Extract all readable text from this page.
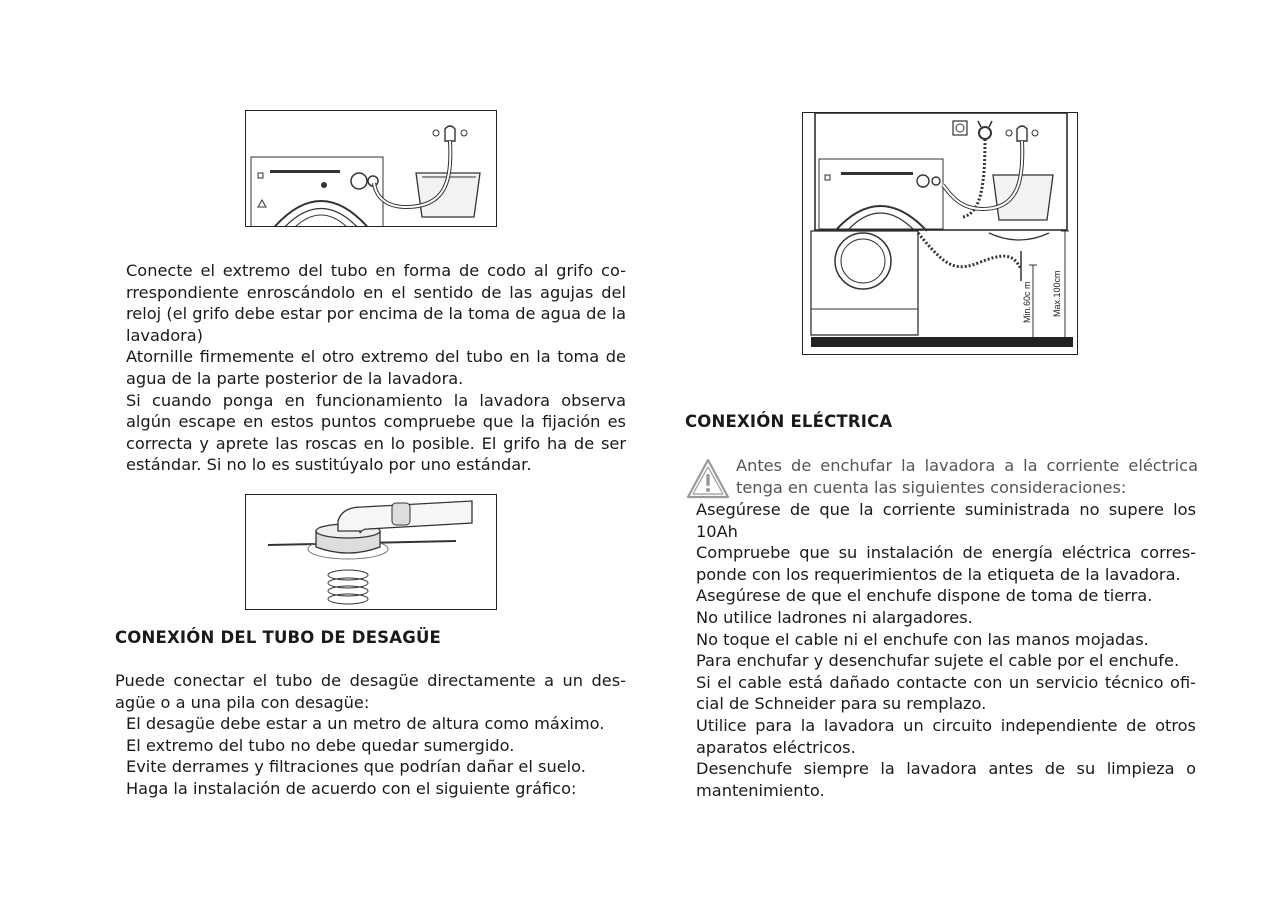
Conecte el extremo del tubo en forma de codo al grifo co-rrespondiente enroscándolo en el sentido de las agujas del reloj (el grifo debe estar por encima de la toma de agua de la lavadora)

Atornille firmemente el otro extremo del tubo en la toma de agua de la parte posterior de la lavadora.

Si cuando ponga en funcionamiento la lavadora observa algún escape en estos puntos compruebe que la fijación es correcta y aprete las roscas en lo posible. El grifo ha de ser estándar. Si no lo es sustitúyalo por uno estándar.

CONEXIÓN DEL TUBO DE DESAGÜE

Puede conectar el tubo de desagüe directamente a un des-agüe o a una pila con desagüe:

El desagüe debe estar a un metro de altura como máximo.

El extremo del tubo no debe quedar sumergido.

Evite derrames y filtraciones que podrían dañar el suelo.

Haga la instalación de acuerdo con el siguiente gráfico:

Min.60c m Max.100cm
CONEXIÓN ELÉCTRICA
Antes de enchufar la lavadora a la corriente eléctrica tenga en cuenta las siguientes consideraciones:

Asegúrese de que la corriente suministrada no supere los 10Ah

Compruebe que su instalación de energía eléctrica corres-ponde con los requerimientos de la etiqueta de la lavadora.

Asegúrese de que el enchufe dispone de toma de tierra.

No utilice ladrones ni alargadores.

No toque el cable ni el enchufe con las manos mojadas.

Para enchufar y desenchufar sujete el cable por el enchufe.

Si el cable está dañado contacte con un servicio técnico ofi-cial de Schneider para su remplazo.

Utilice para la lavadora un circuito independiente de otros aparatos eléctricos.

Desenchufe siempre la lavadora antes de su limpieza o mantenimiento.
